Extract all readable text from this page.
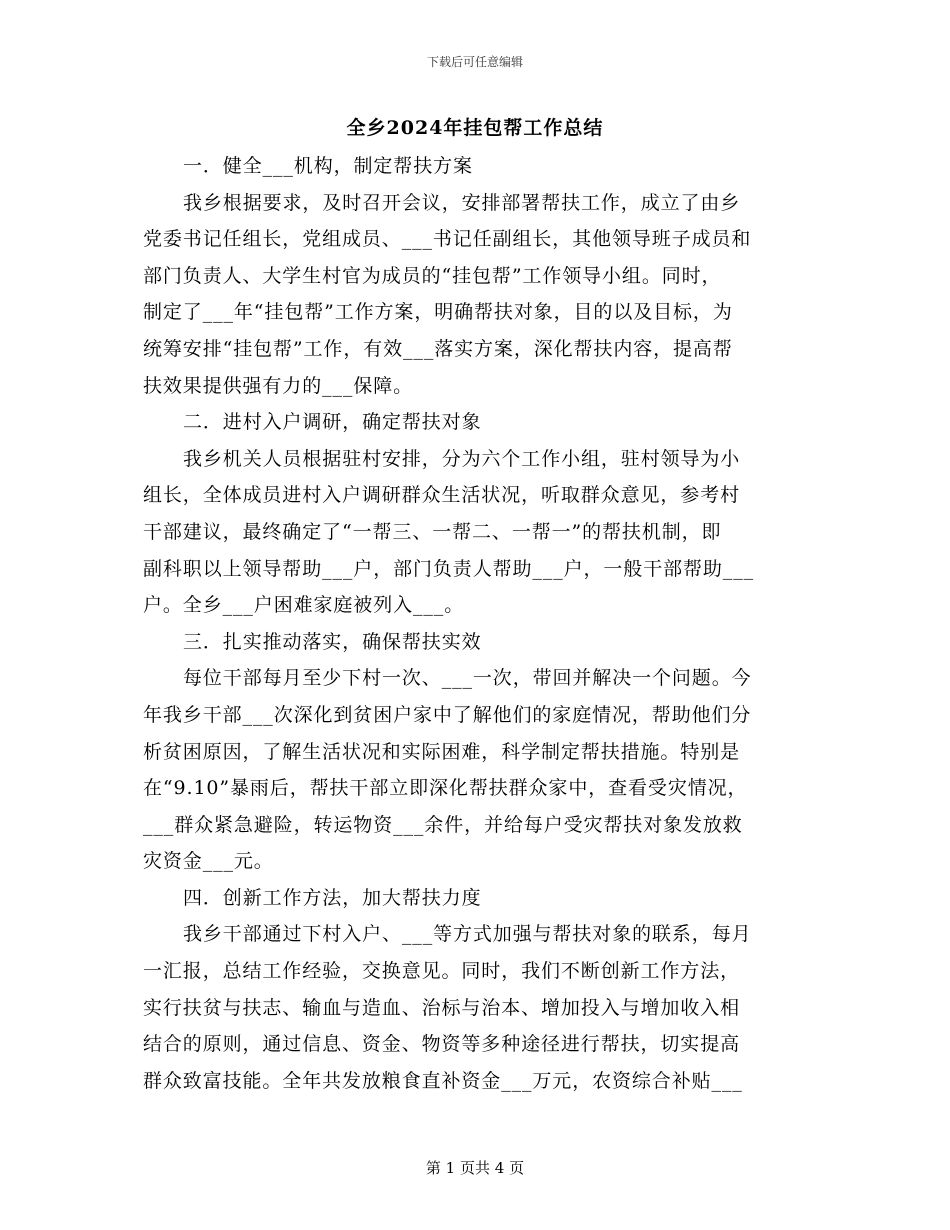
下载后可任意编辑
全乡2024年挂包帮工作总结
一．健全___机构，制定帮扶方案
我乡根据要求，及时召开会议，安排部署帮扶工作，成立了由乡
党委书记任组长，党组成员、___书记任副组长，其他领导班子成员和
部门负责人、大学生村官为成员的“挂包帮”工作领导小组。同时，
制定了___年“挂包帮”工作方案，明确帮扶对象，目的以及目标，为
统筹安排“挂包帮”工作，有效___落实方案，深化帮扶内容，提高帮
扶效果提供强有力的___保障。
二．进村入户调研，确定帮扶对象
我乡机关人员根据驻村安排，分为六个工作小组，驻村领导为小
组长，全体成员进村入户调研群众生活状况，听取群众意见，参考村
干部建议，最终确定了“一帮三、一帮二、一帮一”的帮扶机制，即
副科职以上领导帮助___户，部门负责人帮助___户，一般干部帮助___
户。全乡___户困难家庭被列入___。
三．扎实推动落实，确保帮扶实效
每位干部每月至少下村一次、___一次，带回并解决一个问题。今
年我乡干部___次深化到贫困户家中了解他们的家庭情况，帮助他们分
析贫困原因，了解生活状况和实际困难，科学制定帮扶措施。特别是
在“9.10”暴雨后，帮扶干部立即深化帮扶群众家中，查看受灾情况，
___群众紧急避险，转运物资___余件，并给每户受灾帮扶对象发放救
灾资金___元。
四．创新工作方法，加大帮扶力度
我乡干部通过下村入户、___等方式加强与帮扶对象的联系，每月
一汇报，总结工作经验，交换意见。同时，我们不断创新工作方法，
实行扶贫与扶志、输血与造血、治标与治本、增加投入与增加收入相
结合的原则，通过信息、资金、物资等多种途径进行帮扶，切实提高
群众致富技能。全年共发放粮食直补资金___万元，农资综合补贴___
第 1 页共 4 页
